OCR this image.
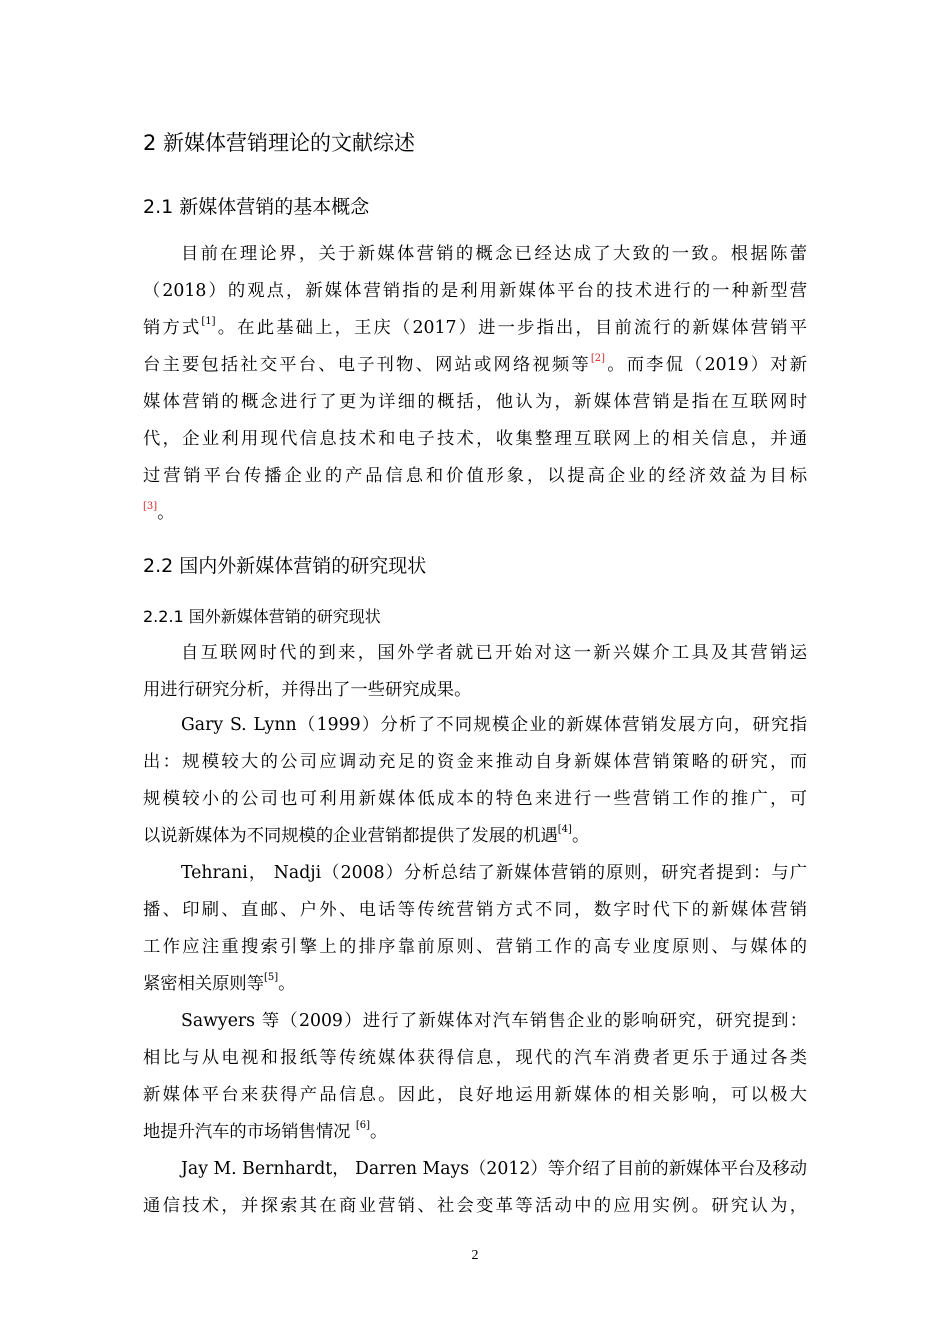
2 新媒体营销理论的文献综述
2.1 新媒体营销的基本概念
目前在理论界，关于新媒体营销的概念已经达成了大致的一致。根据陈蕾
（2018）的观点，新媒体营销指的是利用新媒体平台的技术进行的一种新型营
销方式[1]。在此基础上，王庆（2017）进一步指出，目前流行的新媒体营销平
台主要包括社交平台、电子刊物、网站或网络视频等[2]。而李侃（2019）对新
媒体营销的概念进行了更为详细的概括，他认为，新媒体营销是指在互联网时
代，企业利用现代信息技术和电子技术，收集整理互联网上的相关信息，并通
过营销平台传播企业的产品信息和价值形象，以提高企业的经济效益为目标
[3]。
2.2 国内外新媒体营销的研究现状
2.2.1 国外新媒体营销的研究现状
自互联网时代的到来，国外学者就已开始对这一新兴媒介工具及其营销运
用进行研究分析，并得出了一些研究成果。
Gary S. Lynn（1999）分析了不同规模企业的新媒体营销发展方向，研究指
出：规模较大的公司应调动充足的资金来推动自身新媒体营销策略的研究，而
规模较小的公司也可利用新媒体低成本的特色来进行一些营销工作的推广，可
以说新媒体为不同规模的企业营销都提供了发展的机遇[4]。
Tehrani， Nadji（2008）分析总结了新媒体营销的原则，研究者提到：与广
播、印刷、直邮、户外、电话等传统营销方式不同，数字时代下的新媒体营销
工作应注重搜索引擎上的排序靠前原则、营销工作的高专业度原则、与媒体的
紧密相关原则等[5]。
Sawyers 等（2009）进行了新媒体对汽车销售企业的影响研究，研究提到：
相比与从电视和报纸等传统媒体获得信息，现代的汽车消费者更乐于通过各类
新媒体平台来获得产品信息。因此，良好地运用新媒体的相关影响，可以极大
地提升汽车的市场销售情况 [6]。
Jay M. Bernhardt， Darren Mays（2012）等介绍了目前的新媒体平台及移动
通信技术，并探索其在商业营销、社会变革等活动中的应用实例。研究认为，
2
